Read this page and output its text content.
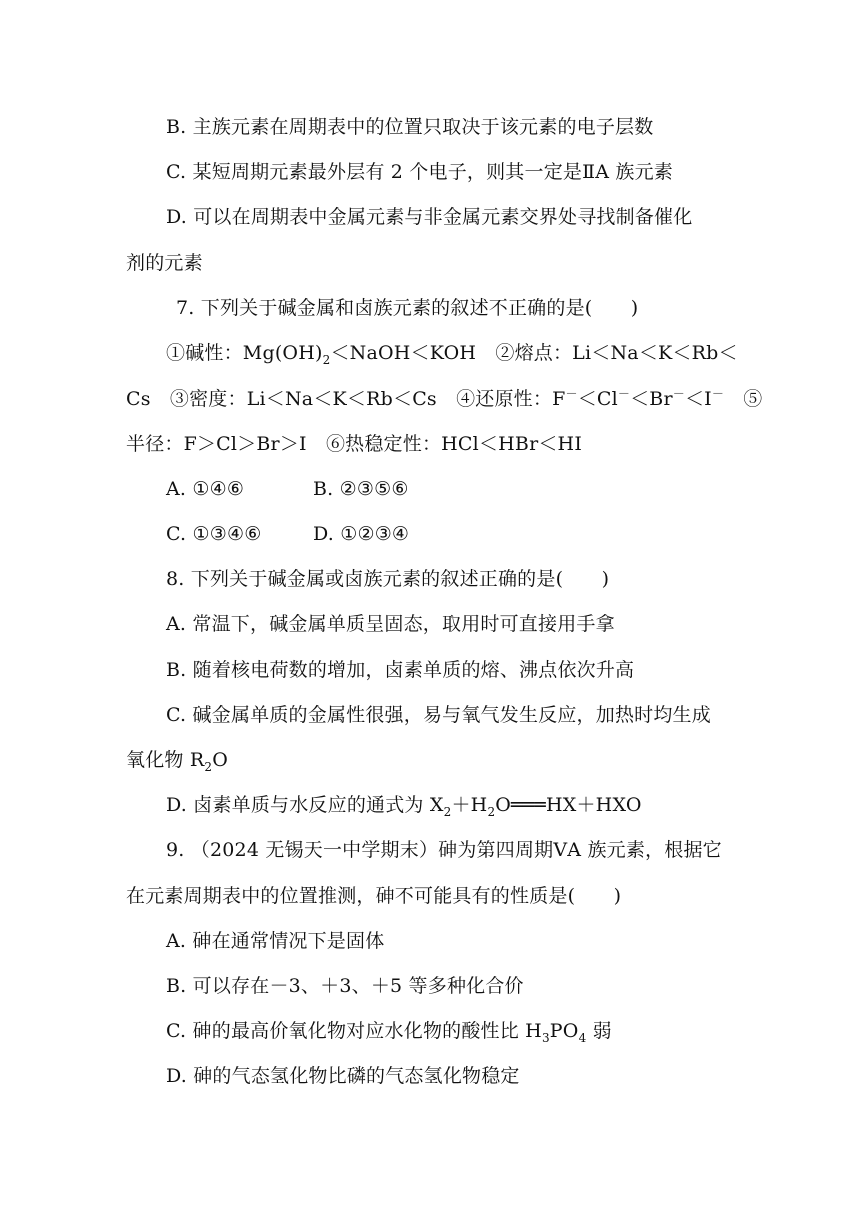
B. 主族元素在周期表中的位置只取决于该元素的电子层数
C. 某短周期元素最外层有 2 个电子，则其一定是ⅡA 族元素
D. 可以在周期表中金属元素与非金属元素交界处寻找制备催化
剂的元素
7. 下列关于碱金属和卤族元素的叙述不正确的是(　　)
①碱性：$Mg(OH)_2<NaOH<KOH$　②熔点：Li＜Na＜K＜Rb＜
Cs　③密度：Li＜Na＜K＜Rb＜Cs　④还原性：F－＜Cl－＜Br－＜I－　⑤
半径：F＞Cl＞Br＞I　⑥热稳定性：HCl＜HBr＜HI
A. ①④⑥	B. ②③⑤⑥
C. ①③④⑥	D. ①②③④
8. 下列关于碱金属或卤族元素的叙述正确的是(　　)
A. 常温下，碱金属单质呈固态，取用时可直接用手拿
B. 随着核电荷数的增加，卤素单质的熔、沸点依次升高
C. 碱金属单质的金属性很强，易与氧气发生反应，加热时均生成
氧化物 $R_2O$
D. 卤素单质与水反应的通式为 $X_2+H_2O═══HX+HXO$
9. （2024 无锡天一中学期末）砷为第四周期ⅤA 族元素，根据它
在元素周期表中的位置推测，砷不可能具有的性质是(　　)
A. 砷在通常情况下是固体
B. 可以存在－3、＋3、＋5 等多种化合价
C. 砷的最高价氧化物对应水化物的酸性比 $H_3PO_4$ 弱
D. 砷的气态氢化物比磷的气态氢化物稳定
